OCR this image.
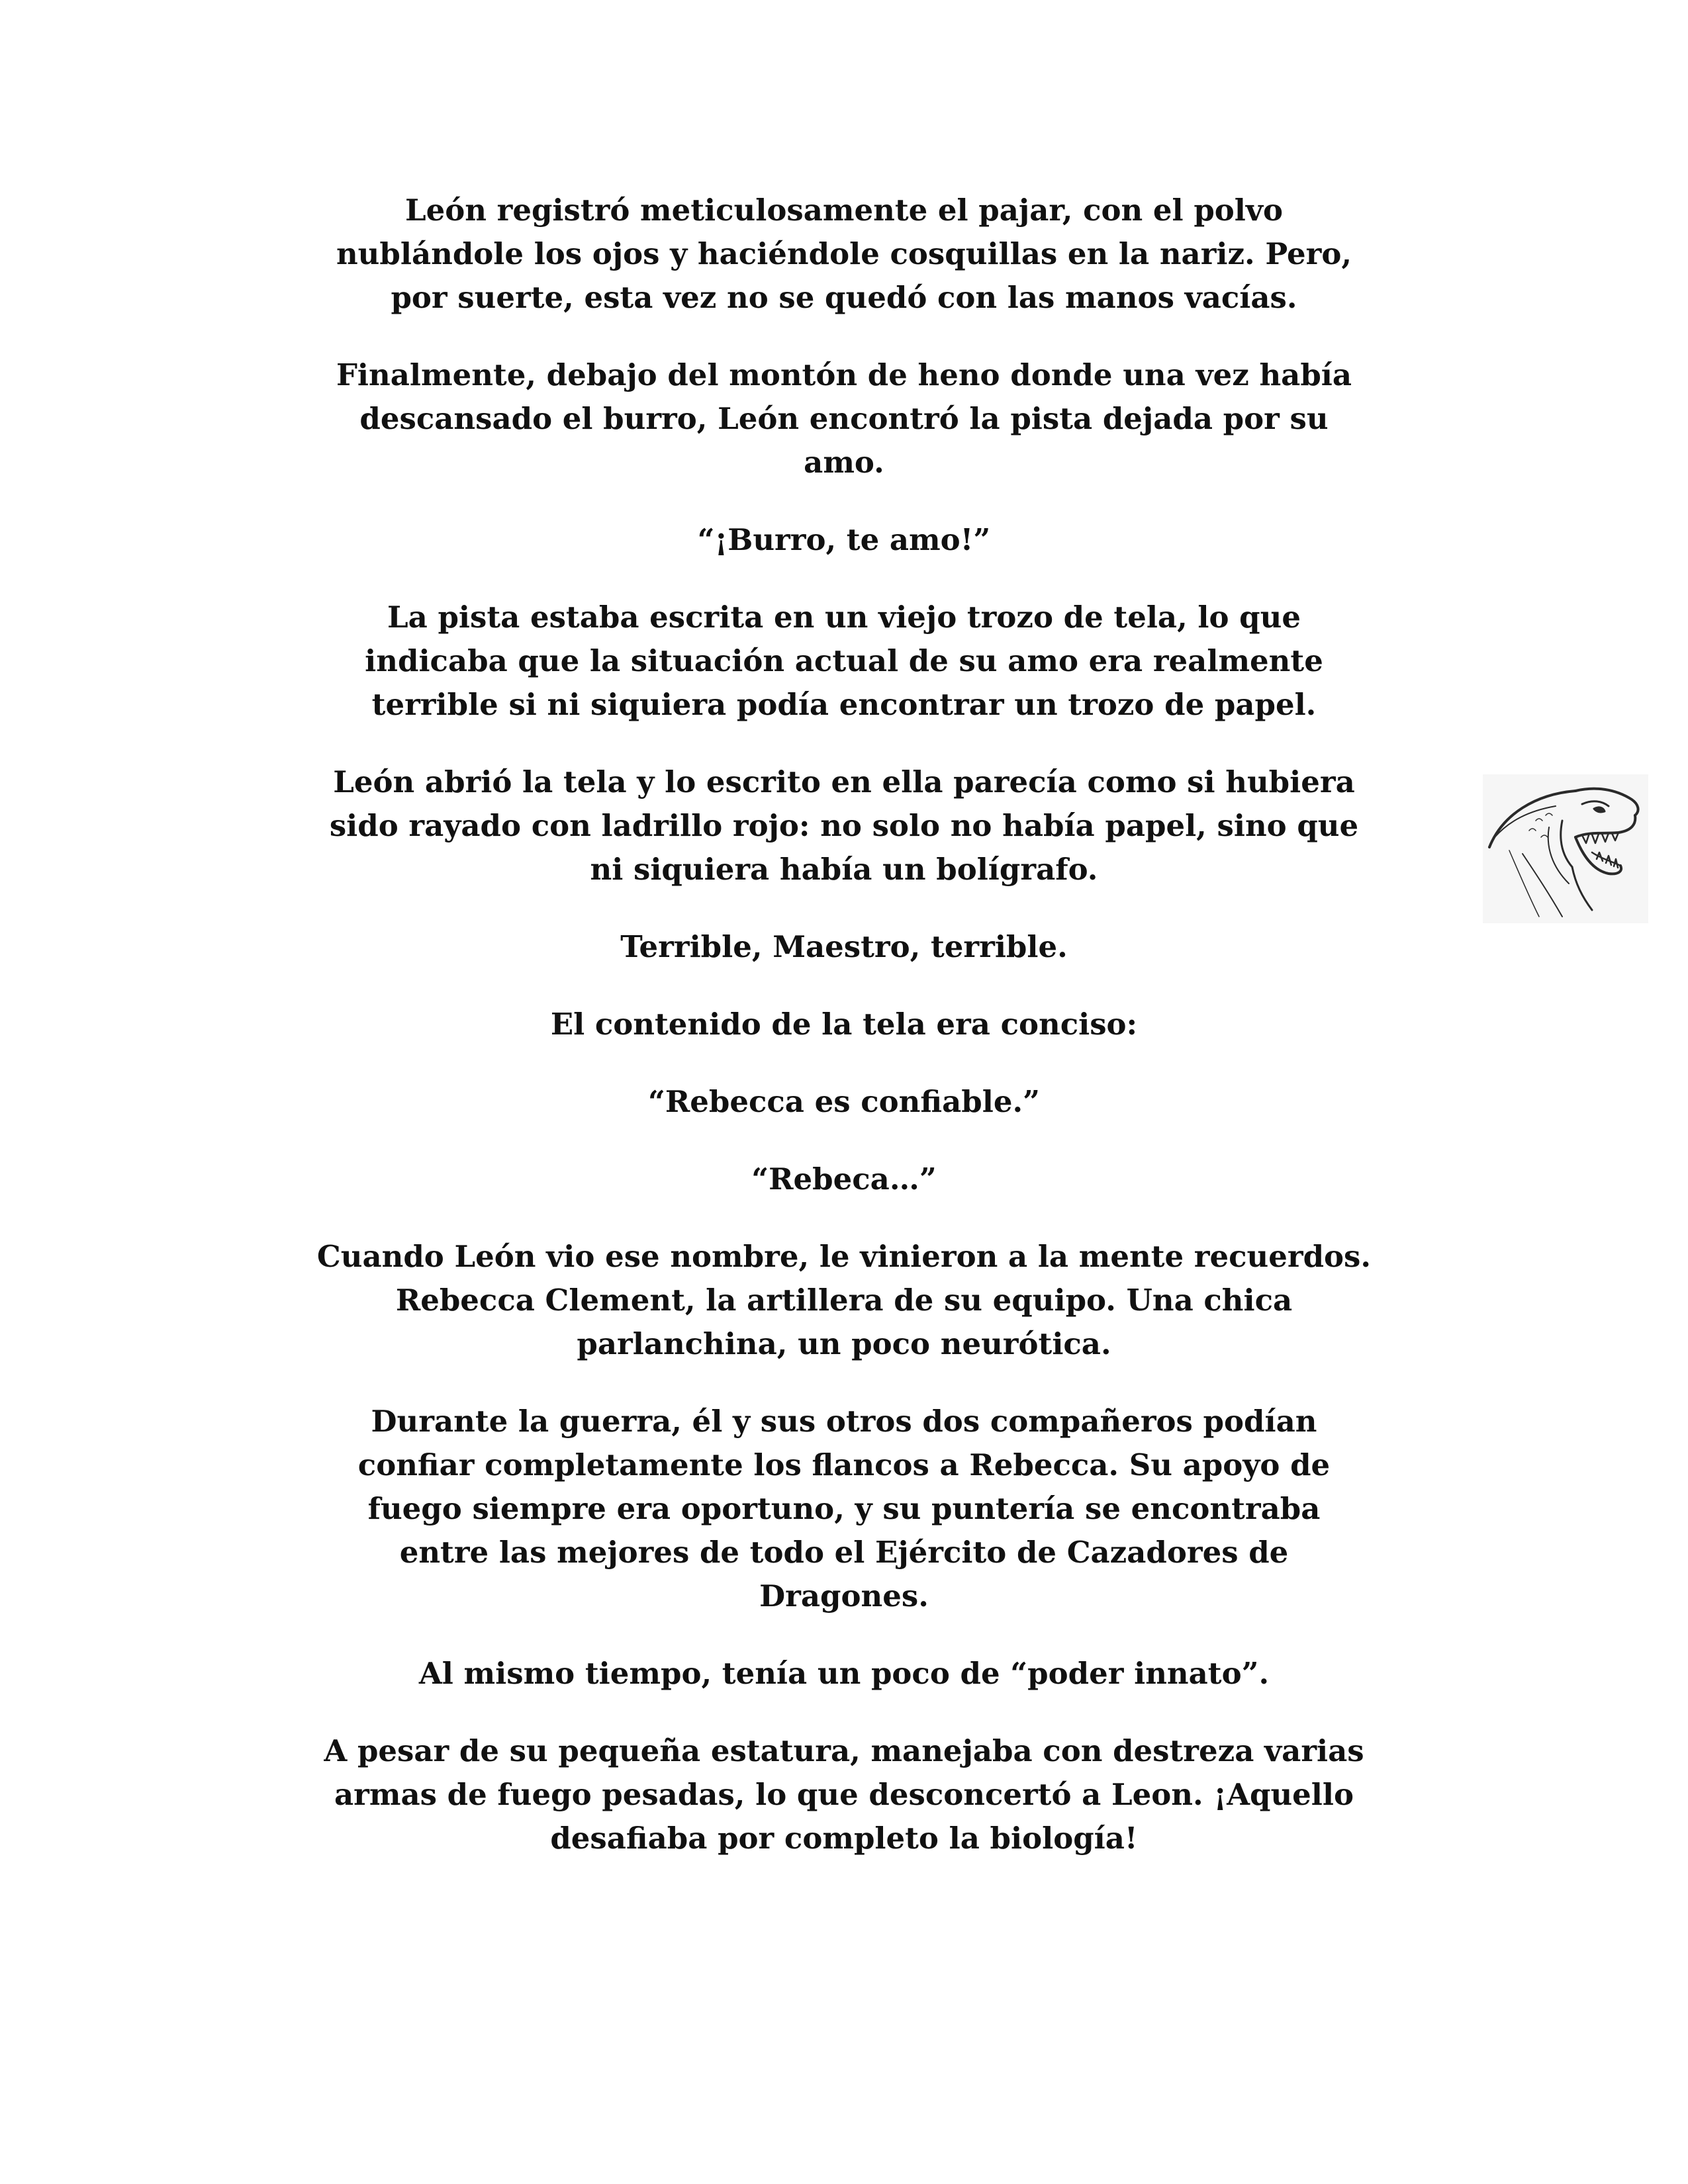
León registró meticulosamente el pajar, con el polvo
nublándole los ojos y haciéndole cosquillas en la nariz. Pero,
por suerte, esta vez no se quedó con las manos vacías.

Finalmente, debajo del montón de heno donde una vez había
descansado el burro, León encontró la pista dejada por su
amo.

“¡Burro, te amo!”

La pista estaba escrita en un viejo trozo de tela, lo que
indicaba que la situación actual de su amo era realmente
terrible si ni siquiera podía encontrar un trozo de papel.

León abrió la tela y lo escrito en ella parecía como si hubiera
sido rayado con ladrillo rojo: no solo no había papel, sino que
ni siquiera había un bolígrafo.

Terrible, Maestro, terrible.

El contenido de la tela era conciso:

“Rebecca es confiable.”

“Rebeca…”

Cuando León vio ese nombre, le vinieron a la mente recuerdos.
Rebecca Clement, la artillera de su equipo. Una chica
parlanchina, un poco neurótica.

Durante la guerra, él y sus otros dos compañeros podían
confiar completamente los flancos a Rebecca. Su apoyo de
fuego siempre era oportuno, y su puntería se encontraba
entre las mejores de todo el Ejército de Cazadores de
Dragones.

Al mismo tiempo, tenía un poco de “poder innato”.

A pesar de su pequeña estatura, manejaba con destreza varias
armas de fuego pesadas, lo que desconcertó a Leon. ¡Aquello
desafiaba por completo la biología!
